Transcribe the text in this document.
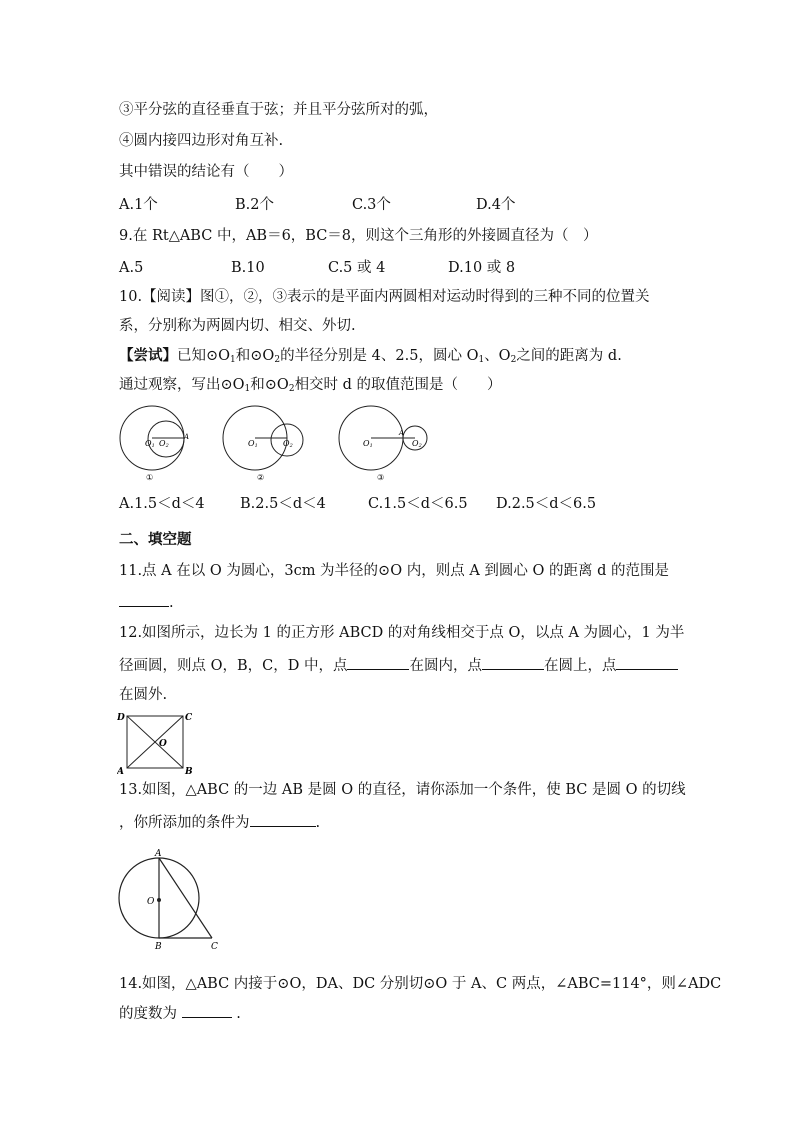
③平分弦的直径垂直于弦；并且平分弦所对的弧，
④圆内接四边形对角互补.
其中错误的结论有（　　）
A.1个	B.2个	C.3个	D.4个
9.在 Rt△ABC 中，AB＝6，BC＝8，则这个三角形的外接圆直径为（　）
A.5	B.10	C.5 或 4	D.10 或 8
10.【阅读】图①，②，③表示的是平面内两圆相对运动时得到的三种不同的位置关
系，分别称为两圆内切、相交、外切.
【尝试】已知$⊙O_1$和$⊙O_2$的半径分别是 4、2.5，圆心 $O_1$、$O_2$之间的距离为 d.
通过观察，写出$⊙O_1$和$⊙O_2$相交时 d 的取值范围是（　　）
O1 O2
A
①
O1	O2
②
O1	O2
A
③
A.1.5＜d＜4 B.2.5＜d＜4	C.1.5＜d＜6.5 D.2.5＜d＜6.5
二、填空题
11.点 A 在以 O 为圆心，3cm 为半径的⊙O 内，则点 A 到圆心 O 的距离 d 的范围是
.
12.如图所示，边长为 1 的正方形 ABCD 的对角线相交于点 O，以点 A 为圆心，1 为半
径画圆，则点 O，B，C，D 中，点	在圆内，点	在圆上，点
在圆外.
D	C
A	B
O
13.如图，△ABC 的一边 AB 是圆 O 的直径，请你添加一个条件，使 BC 是圆 O 的切线
，你所添加的条件为	.
A
O
B	C
14.如图，△ABC 内接于⊙O，DA、DC 分别切⊙O 于 A、C 两点，∠ABC=114°，则∠ADC
的度数为	.
